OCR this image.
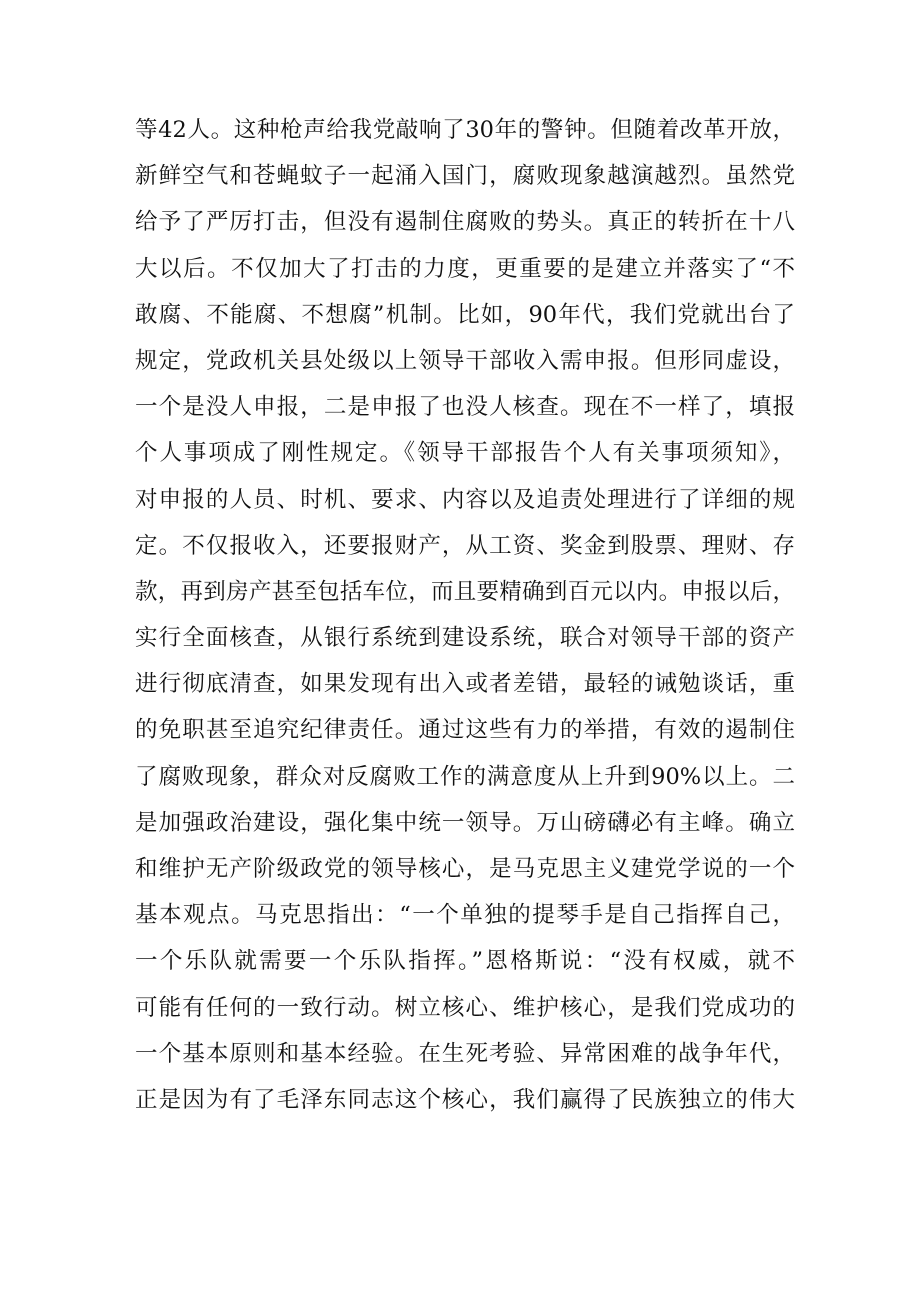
等42人。这种枪声给我党敲响了30年的警钟。但随着改革开放，
新鲜空气和苍蝇蚊子一起涌入国门，腐败现象越演越烈。虽然党
给予了严厉打击，但没有遏制住腐败的势头。真正的转折在十八
大以后。不仅加大了打击的力度，更重要的是建立并落实了“不
敢腐、不能腐、不想腐”机制。比如，90年代，我们党就出台了
规定，党政机关县处级以上领导干部收入需申报。但形同虚设，
一个是没人申报，二是申报了也没人核查。现在不一样了，填报
个人事项成了刚性规定。《领导干部报告个人有关事项须知》，
对申报的人员、时机、要求、内容以及追责处理进行了详细的规
定。不仅报收入，还要报财产，从工资、奖金到股票、理财、存
款，再到房产甚至包括车位，而且要精确到百元以内。申报以后，
实行全面核查，从银行系统到建设系统，联合对领导干部的资产
进行彻底清查，如果发现有出入或者差错，最轻的诫勉谈话，重
的免职甚至追究纪律责任。通过这些有力的举措，有效的遏制住
了腐败现象，群众对反腐败工作的满意度从上升到90%以上。二
是加强政治建设，强化集中统一领导。万山磅礴必有主峰。确立
和维护无产阶级政党的领导核心，是马克思主义建党学说的一个
基本观点。马克思指出：“一个单独的提琴手是自己指挥自己，
一个乐队就需要一个乐队指挥。”恩格斯说：“没有权威，就不
可能有任何的一致行动。树立核心、维护核心，是我们党成功的
一个基本原则和基本经验。在生死考验、异常困难的战争年代，
正是因为有了毛泽东同志这个核心，我们赢得了民族独立的伟大
